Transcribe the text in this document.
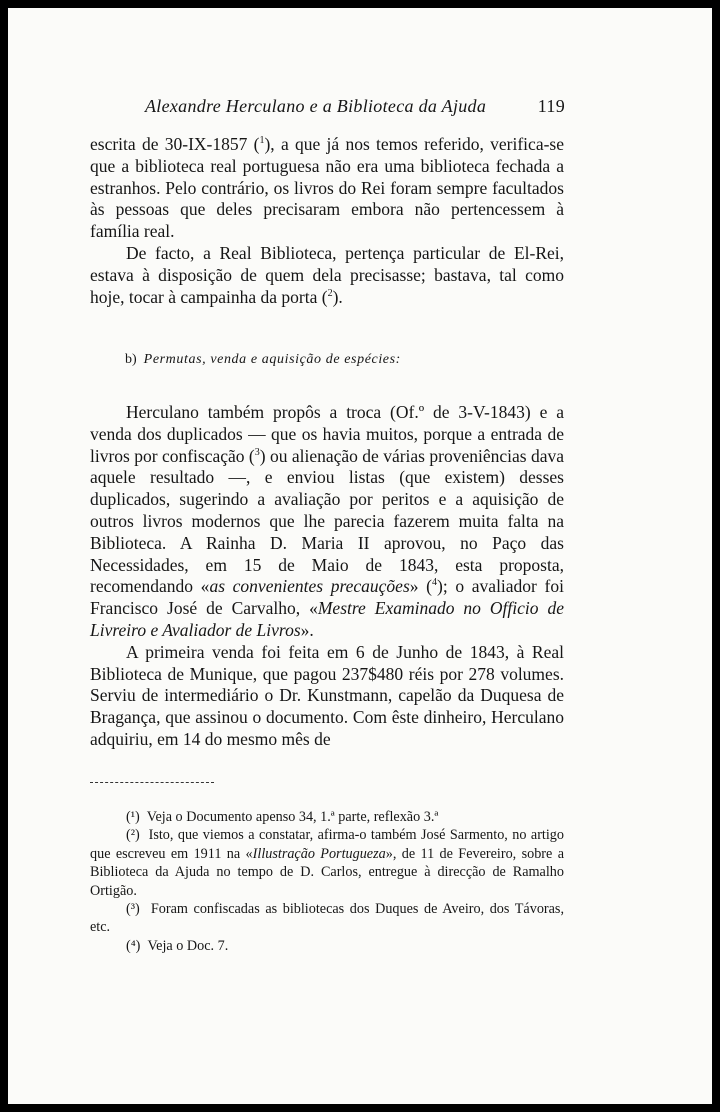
Alexandre Herculano e a Biblioteca da Ajuda	119

escrita de 30-IX-1857 ($^1$), a que já nos temos referido, verifica-se que a biblioteca real portuguesa não era uma biblioteca fechada a estranhos. Pelo contrário, os livros do Rei foram sempre facultados às pessoas que deles precisaram embora não pertencessem à família real.

De facto, a Real Biblioteca, pertença particular de El-Rei, estava à disposição de quem dela precisasse; bastava, tal como hoje, tocar à campainha da porta ($^2$).

b) Permutas, venda e aquisição de espécies:

Herculano também propôs a troca (Of.º de 3-V-1843) e a venda dos duplicados — que os havia muitos, porque a entrada de livros por confiscação ($^3$) ou alienação de várias proveniências dava aquele resultado —, e enviou listas (que existem) desses duplicados, sugerindo a avaliação por peritos e a aquisição de outros livros modernos que lhe parecia fazerem muita falta na Biblioteca. A Rainha D. Maria II aprovou, no Paço das Necessidades, em 15 de Maio de 1843, esta proposta, recomendando «as convenientes precauções» ($^4$); o avaliador foi Francisco José de Carvalho, «Mestre Examinado no Officio de Livreiro e Avaliador de Livros».

A primeira venda foi feita em 6 de Junho de 1843, à Real Biblioteca de Munique, que pagou 237$480 réis por 278 volumes. Serviu de intermediário o Dr. Kunstmann, capelão da Duquesa de Bragança, que assinou o documento. Com êste dinheiro, Herculano adquiriu, em 14 do mesmo mês de

(¹) Veja o Documento apenso 34, 1.ª parte, reflexão 3.ª

(²) Isto, que viemos a constatar, afirma-o também José Sarmento, no artigo que escreveu em 1911 na «Illustração Portugueza», de 11 de Fevereiro, sobre a Biblioteca da Ajuda no tempo de D. Carlos, entregue à direcção de Ramalho Ortigão.

(³) Foram confiscadas as bibliotecas dos Duques de Aveiro, dos Távoras, etc.

(⁴) Veja o Doc. 7.
